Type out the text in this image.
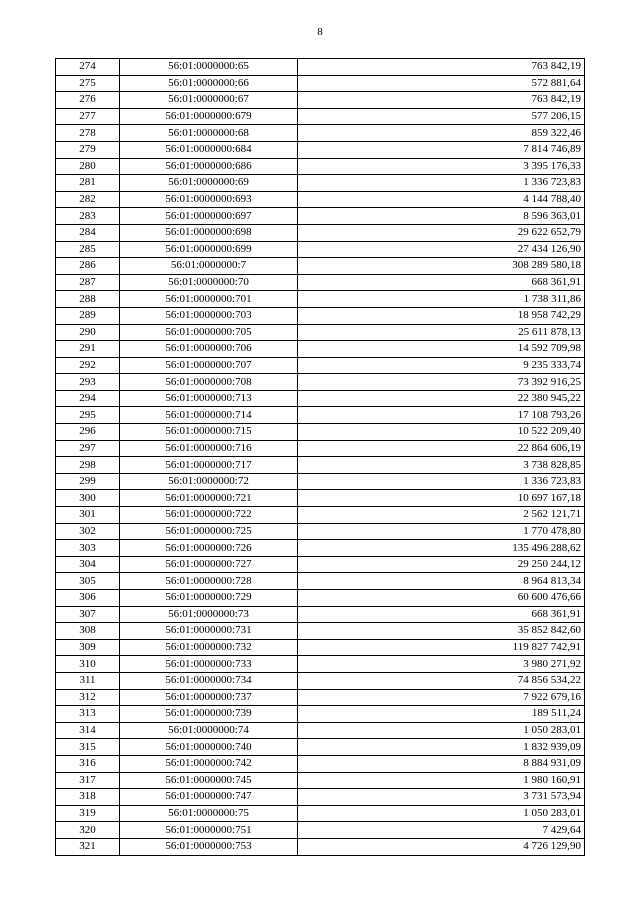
8
274	56:01:0000000:65	763 842,19
275	56:01:0000000:66	572 881,64
276	56:01:0000000:67	763 842,19
277	56:01:0000000:679	577 206,15
278	56:01:0000000:68	859 322,46
279	56:01:0000000:684	7 814 746,89
280	56:01:0000000:686	3 395 176,33
281	56:01:0000000:69	1 336 723,83
282	56:01:0000000:693	4 144 788,40
283	56:01:0000000:697	8 596 363,01
284	56:01:0000000:698	29 622 652,79
285	56:01:0000000:699	27 434 126,90
286	56:01:0000000:7	308 289 580,18
287	56:01:0000000:70	668 361,91
288	56:01:0000000:701	1 738 311,86
289	56:01:0000000:703	18 958 742,29
290	56:01:0000000:705	25 611 878,13
291	56:01:0000000:706	14 592 709,98
292	56:01:0000000:707	9 235 333,74
293	56:01:0000000:708	73 392 916,25
294	56:01:0000000:713	22 380 945,22
295	56:01:0000000:714	17 108 793,26
296	56:01:0000000:715	10 522 209,40
297	56:01:0000000:716	22 864 606,19
298	56:01:0000000:717	3 738 828,85
299	56:01:0000000:72	1 336 723,83
300	56:01:0000000:721	10 697 167,18
301	56:01:0000000:722	2 562 121,71
302	56:01:0000000:725	1 770 478,80
303	56:01:0000000:726	135 496 288,62
304	56:01:0000000:727	29 250 244,12
305	56:01:0000000:728	8 964 813,34
306	56:01:0000000:729	60 600 476,66
307	56:01:0000000:73	668 361,91
308	56:01:0000000:731	35 852 842,60
309	56:01:0000000:732	119 827 742,91
310	56:01:0000000:733	3 980 271,92
311	56:01:0000000:734	74 856 534,22
312	56:01:0000000:737	7 922 679,16
313	56:01:0000000:739	189 511,24
314	56:01:0000000:74	1 050 283,01
315	56:01:0000000:740	1 832 939,09
316	56:01:0000000:742	8 884 931,09
317	56:01:0000000:745	1 980 160,91
318	56:01:0000000:747	3 731 573,94
319	56:01:0000000:75	1 050 283,01
320	56:01:0000000:751	7 429,64
321	56:01:0000000:753	4 726 129,90
